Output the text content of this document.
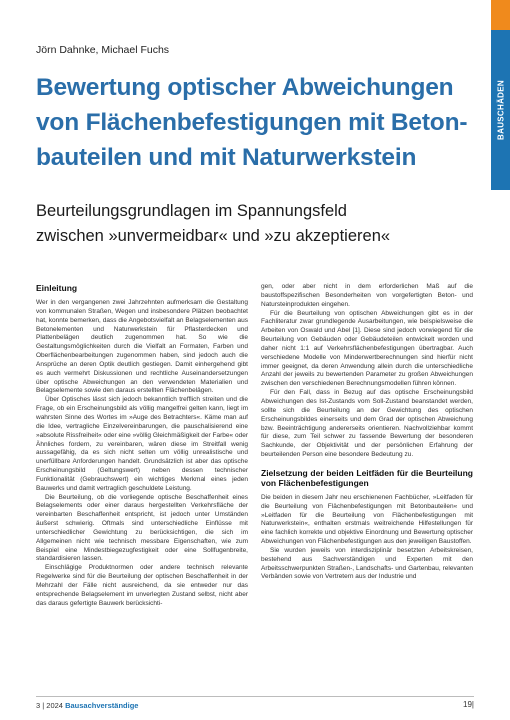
BAUSCHÄDEN
Jörn Dahnke, Michael Fuchs
Bewertung optischer Abweichungen
von Flächenbefestigungen mit Beton-
bauteilen und mit Naturwerkstein
Beurteilungsgrundlagen im Spannungsfeld
zwischen »unvermeidbar« und »zu akzeptieren«
Einleitung

Wer in den vergangenen zwei Jahrzehnten aufmerksam die Gestaltung von kommunalen Straßen, Wegen und insbesondere Plätzen beobachtet hat, konnte bemerken, dass die Angebotsvielfalt an Belagselementen aus Betonelementen und Naturwerkstein für Pflasterdecken und Plattenbelägen deutlich zugenommen hat. So wie die Gestaltungsmöglichkeiten durch die Vielfalt an Formaten, Farben und Oberflächenbearbeitungen zugenommen haben, sind jedoch auch die Ansprüche an deren Optik deutlich gestiegen. Damit einhergehend gibt es auch vermehrt Diskussionen und rechtliche Auseinandersetzungen über optische Abweichungen an den verwendeten Materialien und Belagselemente sowie den daraus erstellten Flächenbelägen.

Über Optisches lässt sich jedoch bekanntlich trefflich streiten und die Frage, ob ein Erscheinungsbild als völlig mangelfrei gelten kann, liegt im wahrsten Sinne des Wortes im »Auge des Betrachters«. Käme man auf die Idee, vertragliche Einzelvereinbarungen, die pauschalisierend eine »absolute Rissfreiheit« oder eine »völlig Gleichmäßigkeit der Farbe« oder Ähnliches fordern, zu vereinbaren, wären diese im Streitfall wenig aussagefähig, da es sich nicht selten um völlig unrealistische und unerfüllbare Anforderungen handelt. Grundsätzlich ist aber das optische Erscheinungsbild (Geltungswert) neben dessen technischer Funktionalität (Gebrauchswert) ein wichtiges Merkmal eines jeden Bauwerks und damit vertraglich geschuldete Leistung.

Die Beurteilung, ob die vorliegende optische Beschaffenheit eines Belagselements oder einer daraus hergestellten Verkehrsfläche der vereinbarten Beschaffenheit entspricht, ist jedoch unter Umständen äußerst schwierig. Oftmals sind unterschiedliche Einflüsse mit unterschiedlicher Gewichtung zu berücksichtigen, die sich im Allgemeinen nicht wie technisch messbare Eigenschaften, wie zum Beispiel eine Mindestbiegezugfestigkeit oder eine Sollfugenbreite, standardisieren lassen.

Einschlägige Produktnormen oder andere technisch relevante Regelwerke sind für die Beurteilung der optischen Beschaffenheit in der Mehrzahl der Fälle nicht ausreichend, da sie entweder nur das entsprechende Belagselement im unverlegten Zustand selbst, nicht aber das daraus gefertigte Bauwerk berücksichti-

gen, oder aber nicht in dem erforderlichen Maß auf die baustoffspezifischen Besonderheiten von vorgefertigten Beton- und Natursteinprodukten eingehen.

Für die Beurteilung von optischen Abweichungen gibt es in der Fachliteratur zwar grundlegende Ausarbeitungen, wie beispielsweise die Arbeiten von Oswald und Abel [1]. Diese sind jedoch vorwiegend für die Beurteilung von Gebäuden oder Gebäudeteilen entwickelt worden und daher nicht 1:1 auf Verkehrsflächenbefestigungen übertragbar. Auch verschiedene Modelle von Minderwertberechnungen sind hierfür nicht immer geeignet, da deren Anwendung allein durch die unterschiedliche Anzahl der jeweils zu bewertenden Parameter zu großen Abweichungen zwischen den verschiedenen Berechnungsmodellen führen können.

Für den Fall, dass in Bezug auf das optische Erscheinungsbild Abweichungen des Ist-Zustands vom Soll-Zustand beanstandet werden, sollte sich die Beurteilung an der Gewichtung des optischen Erscheinungsbildes einerseits und dem Grad der optischen Abweichung bzw. Beeinträchtigung andererseits orientieren. Nachvollziehbar kommt für diese, zum Teil schwer zu fassende Bewertung der besonderen Sachkunde, der Objektivität und der persönlichen Erfahrung der beurteilenden Person eine besondere Bedeutung zu.

Zielsetzung der beiden Leitfäden für die Beurteilung von Flächenbefestigungen

Die beiden in diesem Jahr neu erschienenen Fachbücher, »Leitfaden für die Beurteilung von Flächenbefestigungen mit Betonbauteilen« und »Leitfaden für die Beurteilung von Flächenbefestigungen mit Naturwerkstein«, enthalten erstmals weitreichende Hilfestellungen für eine fachlich korrekte und objektive Einordnung und Bewertung optischer Abweichungen von Flächenbefestigungen aus den jeweiligen Baustoffen.

Sie wurden jeweils von interdisziplinär besetzten Arbeitskreisen, bestehend aus Sachverständigen und Experten mit den Arbeitsschwerpunkten Straßen-, Landschafts- und Gartenbau, relevanten Verbänden sowie von Vertretern aus der Industrie und

3 | 2024 Bausachverständige	19|
